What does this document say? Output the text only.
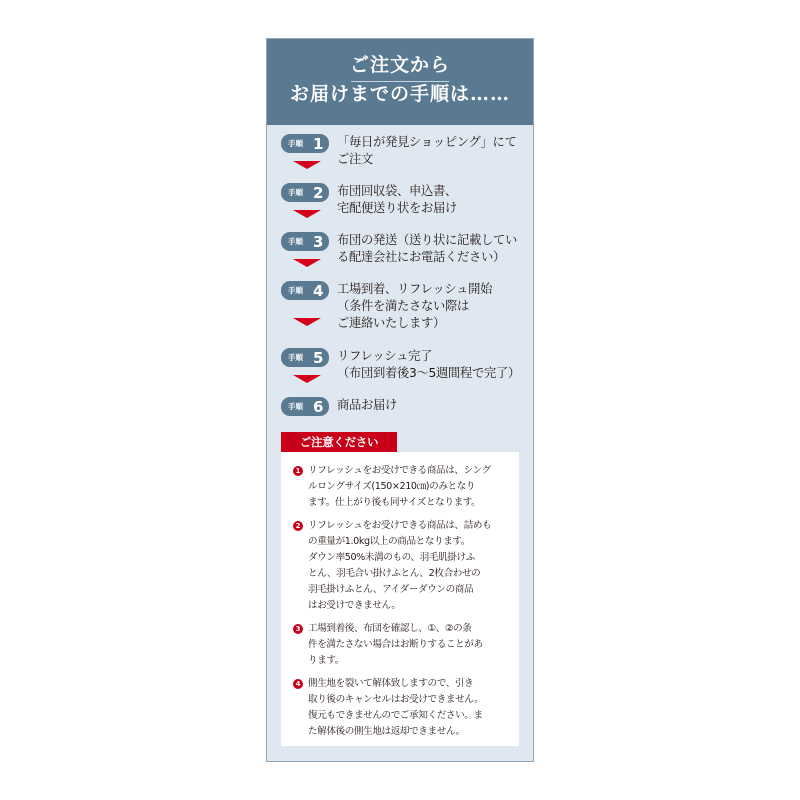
ご注文から
お届けまでの手順は……
手順 1 「毎日が発見ショッピング」にて
ご注文
手順 2 布団回収袋、申込書、
宅配便送り状をお届け
手順 3 布団の発送（送り状に記載してい
る配達会社にお電話ください）
手順 4 工場到着、リフレッシュ開始
（条件を満たさない際は
ご連絡いたします）
手順 5 リフレッシュ完了
（布団到着後3〜5週間程で完了）
手順 6 商品お届け
ご注意ください
1 リフレッシュをお受けできる商品は、シング
ルロングサイズ(150×210㎝)のみとなり
ます。仕上がり後も同サイズとなります。
2 リフレッシュをお受けできる商品は、詰めも
の重量が1.0kg以上の商品となります。
ダウン率50%未満のもの、羽毛肌掛けふ
とん、羽毛合い掛けふとん、2枚合わせの
羽毛掛けふとん、アイダーダウンの商品
はお受けできません。
3 工場到着後、布団を確認し、①、②の条
件を満たさない場合はお断りすることがあ
ります。
4 側生地を裂いて解体致しますので、引き
取り後のキャンセルはお受けできません。
復元もできませんのでご承知ください。ま
た解体後の側生地は返却できません。
